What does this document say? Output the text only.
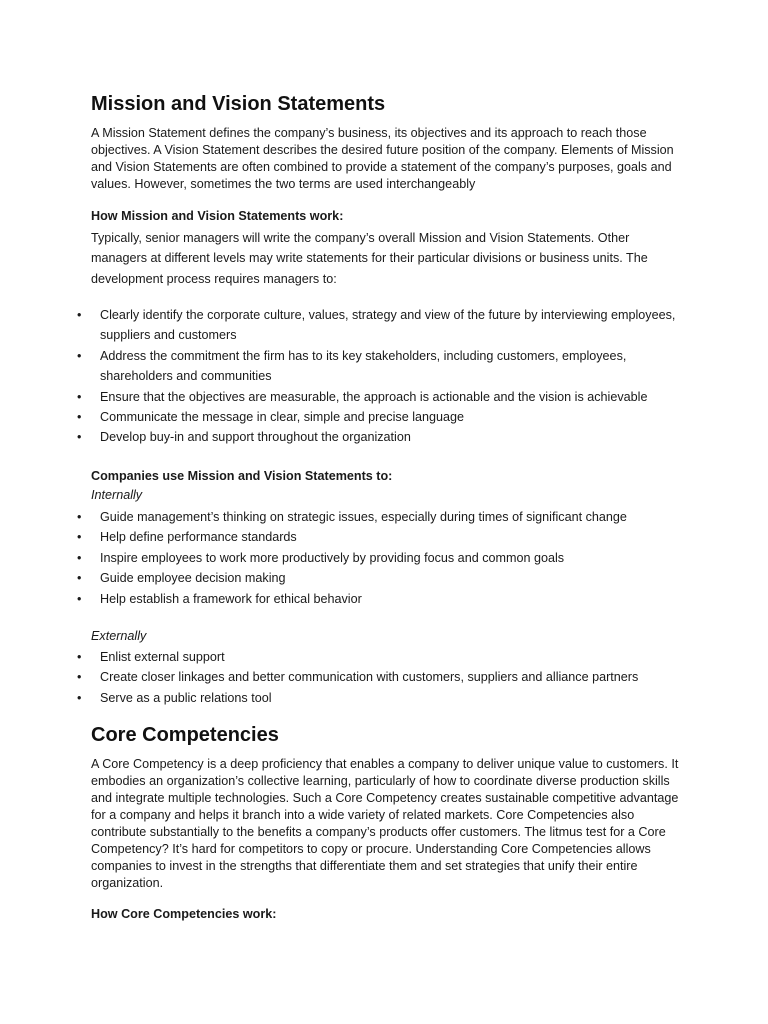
Mission and Vision Statements

A Mission Statement defines the company’s business, its objectives and its approach to reach those objectives. A Vision Statement describes the desired future position of the company. Elements of Mission and Vision Statements are often combined to provide a statement of the company’s purposes, goals and values. However, sometimes the two terms are used interchangeably

How Mission and Vision Statements work:

Typically, senior managers will write the company’s overall Mission and Vision Statements. Other managers at different levels may write statements for their particular divisions or business units. The development process requires managers to:

• Clearly identify the corporate culture, values, strategy and view of the future by interviewing employees, suppliers and customers
• Address the commitment the firm has to its key stakeholders, including customers, employees, shareholders and communities
• Ensure that the objectives are measurable, the approach is actionable and the vision is achievable
• Communicate the message in clear, simple and precise language
• Develop buy-in and support throughout the organization

Companies use Mission and Vision Statements to:

Internally

• Guide management’s thinking on strategic issues, especially during times of significant change
• Help define performance standards
• Inspire employees to work more productively by providing focus and common goals
• Guide employee decision making
• Help establish a framework for ethical behavior

Externally

• Enlist external support
• Create closer linkages and better communication with customers, suppliers and alliance partners
• Serve as a public relations tool
Core Competencies

A Core Competency is a deep proficiency that enables a company to deliver unique value to customers. It embodies an organization’s collective learning, particularly of how to coordinate diverse production skills and integrate multiple technologies. Such a Core Competency creates sustainable competitive advantage for a company and helps it branch into a wide variety of related markets. Core Competencies also contribute substantially to the benefits a company’s products offer customers. The litmus test for a Core Competency? It’s hard for competitors to copy or procure. Understanding Core Competencies allows companies to invest in the strengths that differentiate them and set strategies that unify their entire organization.

How Core Competencies work:
